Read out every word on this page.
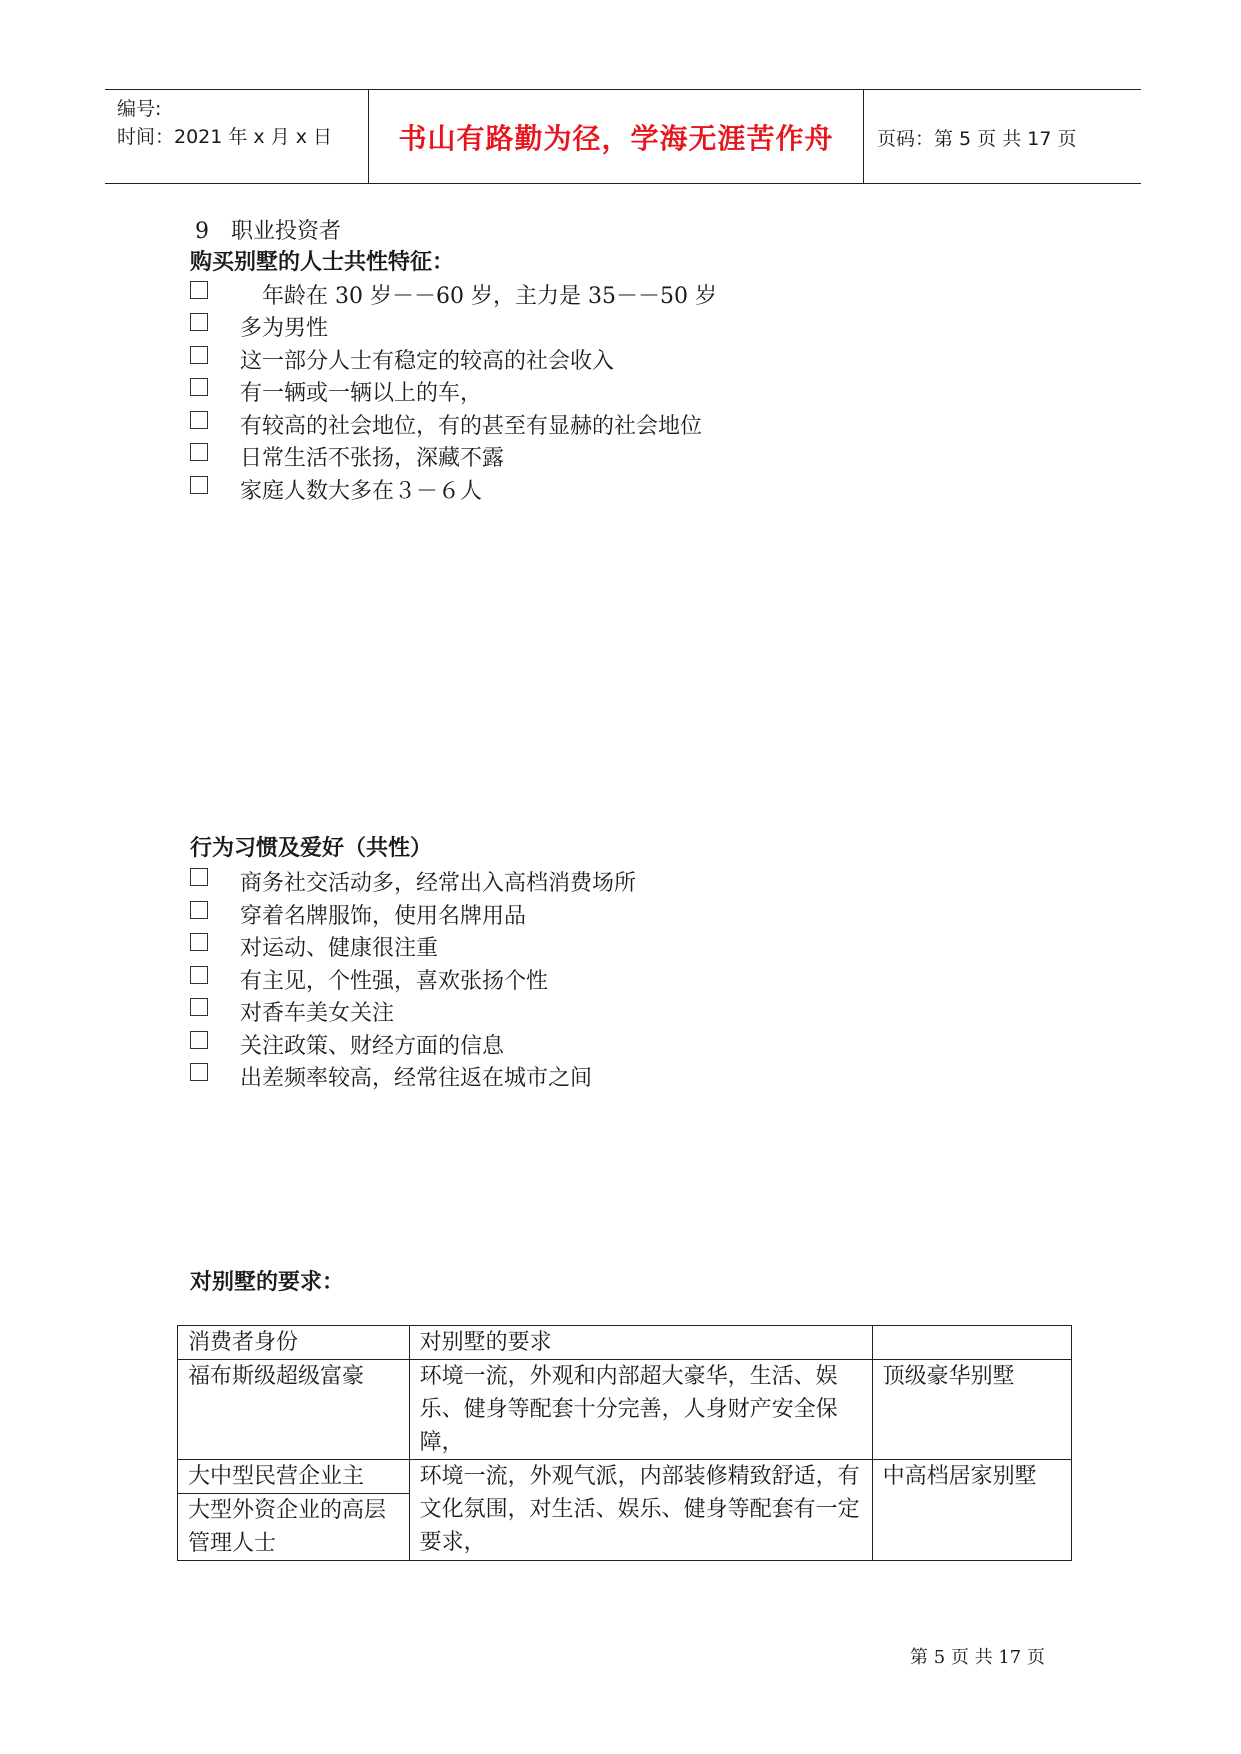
编号:
时间：2021 年 x 月 x 日	书山有路勤为径，学海无涯苦作舟	页码：第 5 页 共 17 页
9　职业投资者
购买别墅的人士共性特征：
　年龄在 30 岁－－60 岁，主力是 35－－50 岁
多为男性
这一部分人士有稳定的较高的社会收入
有一辆或一辆以上的车，
有较高的社会地位，有的甚至有显赫的社会地位
日常生活不张扬，深藏不露
家庭人数大多在３－６人
行为习惯及爱好（共性）
商务社交活动多，经常出入高档消费场所
穿着名牌服饰，使用名牌用品
对运动、健康很注重
有主见，个性强，喜欢张扬个性
对香车美女关注
关注政策、财经方面的信息
出差频率较高，经常往返在城市之间
对别墅的要求：
消费者身份	对别墅的要求	
福布斯级超级富豪	环境一流，外观和内部超大豪华，生活、娱乐、健身等配套十分完善，人身财产安全保障，	顶级豪华别墅
大中型民营企业主	环境一流，外观气派，内部装修精致舒适，有文化氛围，对生活、娱乐、健身等配套有一定要求，	中高档居家别墅
大型外资企业的高层管理人士		
第 5 页 共 17 页
